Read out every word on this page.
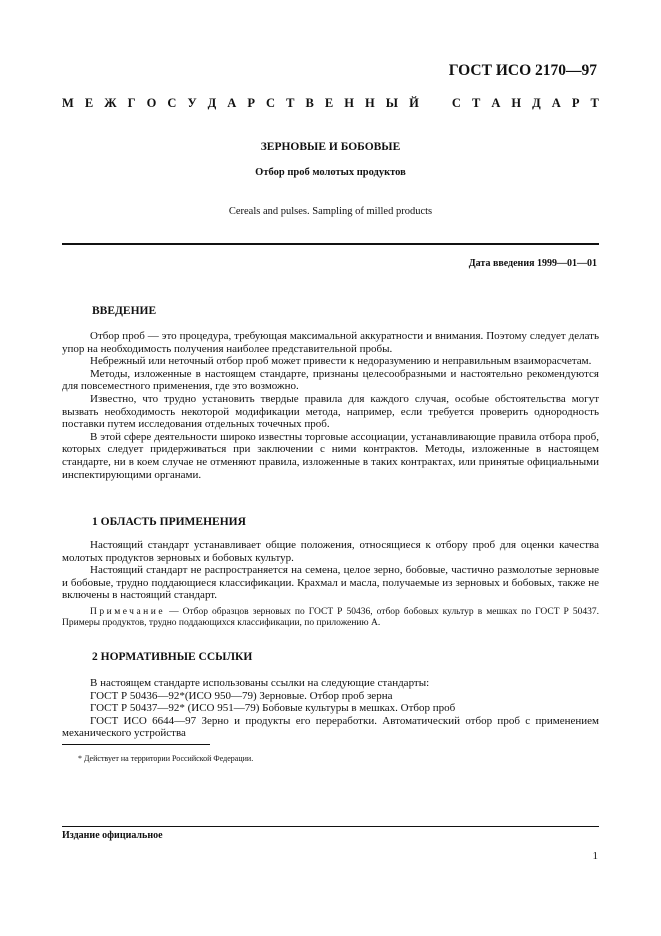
ГОСТ ИСО 2170—97
М Е Ж Г О С У Д А Р С Т В Е Н Н Ы Й	С Т А Н Д А Р Т
ЗЕРНОВЫЕ И БОБОВЫЕ
Отбор проб молотых продуктов
Cereals and pulses. Sampling of milled products
Дата введения 1999—01—01
ВВЕДЕНИЕ

Отбор проб — это процедура, требующая максимальной аккуратности и внимания. Поэтому следует делать упор на необходимость получения наиболее представительной пробы.

Небрежный или неточный отбор проб может привести к недоразумению и неправильным взаиморасчетам.

Методы, изложенные в настоящем стандарте, признаны целесообразными и настоятельно рекомендуются для повсеместного применения, где это возможно.

Известно, что трудно установить твердые правила для каждого случая, особые обстоятельства могут вызвать необходимость некоторой модификации метода, например, если требуется проверить однородность поставки путем исследования отдельных точечных проб.

В этой сфере деятельности широко известны торговые ассоциации, устанавливающие правила отбора проб, которых следует придерживаться при заключении с ними контрактов. Методы, изложенные в настоящем стандарте, ни в коем случае не отменяют правила, изложенные в таких контрактах, или принятые официальными инспектирующими органами.

1 ОБЛАСТЬ ПРИМЕНЕНИЯ

Настоящий стандарт устанавливает общие положения, относящиеся к отбору проб для оценки качества молотых продуктов зерновых и бобовых культур.

Настоящий стандарт не распространяется на семена, целое зерно, бобовые, частично размолотые зерновые и бобовые, трудно поддающиеся классификации. Крахмал и масла, получаемые из зерновых и бобовых, также не включены в настоящий стандарт.

Примечание — Отбор образцов зерновых по ГОСТ Р 50436, отбор бобовых культур в мешках по ГОСТ Р 50437. Примеры продуктов, трудно поддающихся классификации, по приложению А.

2 НОРМАТИВНЫЕ ССЫЛКИ

В настоящем стандарте использованы ссылки на следующие стандарты:

ГОСТ Р 50436—92*(ИСО 950—79) Зерновые. Отбор проб зерна

ГОСТ Р 50437—92* (ИСО 951—79) Бобовые культуры в мешках. Отбор проб

ГОСТ ИСО 6644—97 Зерно и продукты его переработки. Автоматический отбор проб с применением механического устройства

* Действует на территории Российской Федерации.
Издание официальное
1
